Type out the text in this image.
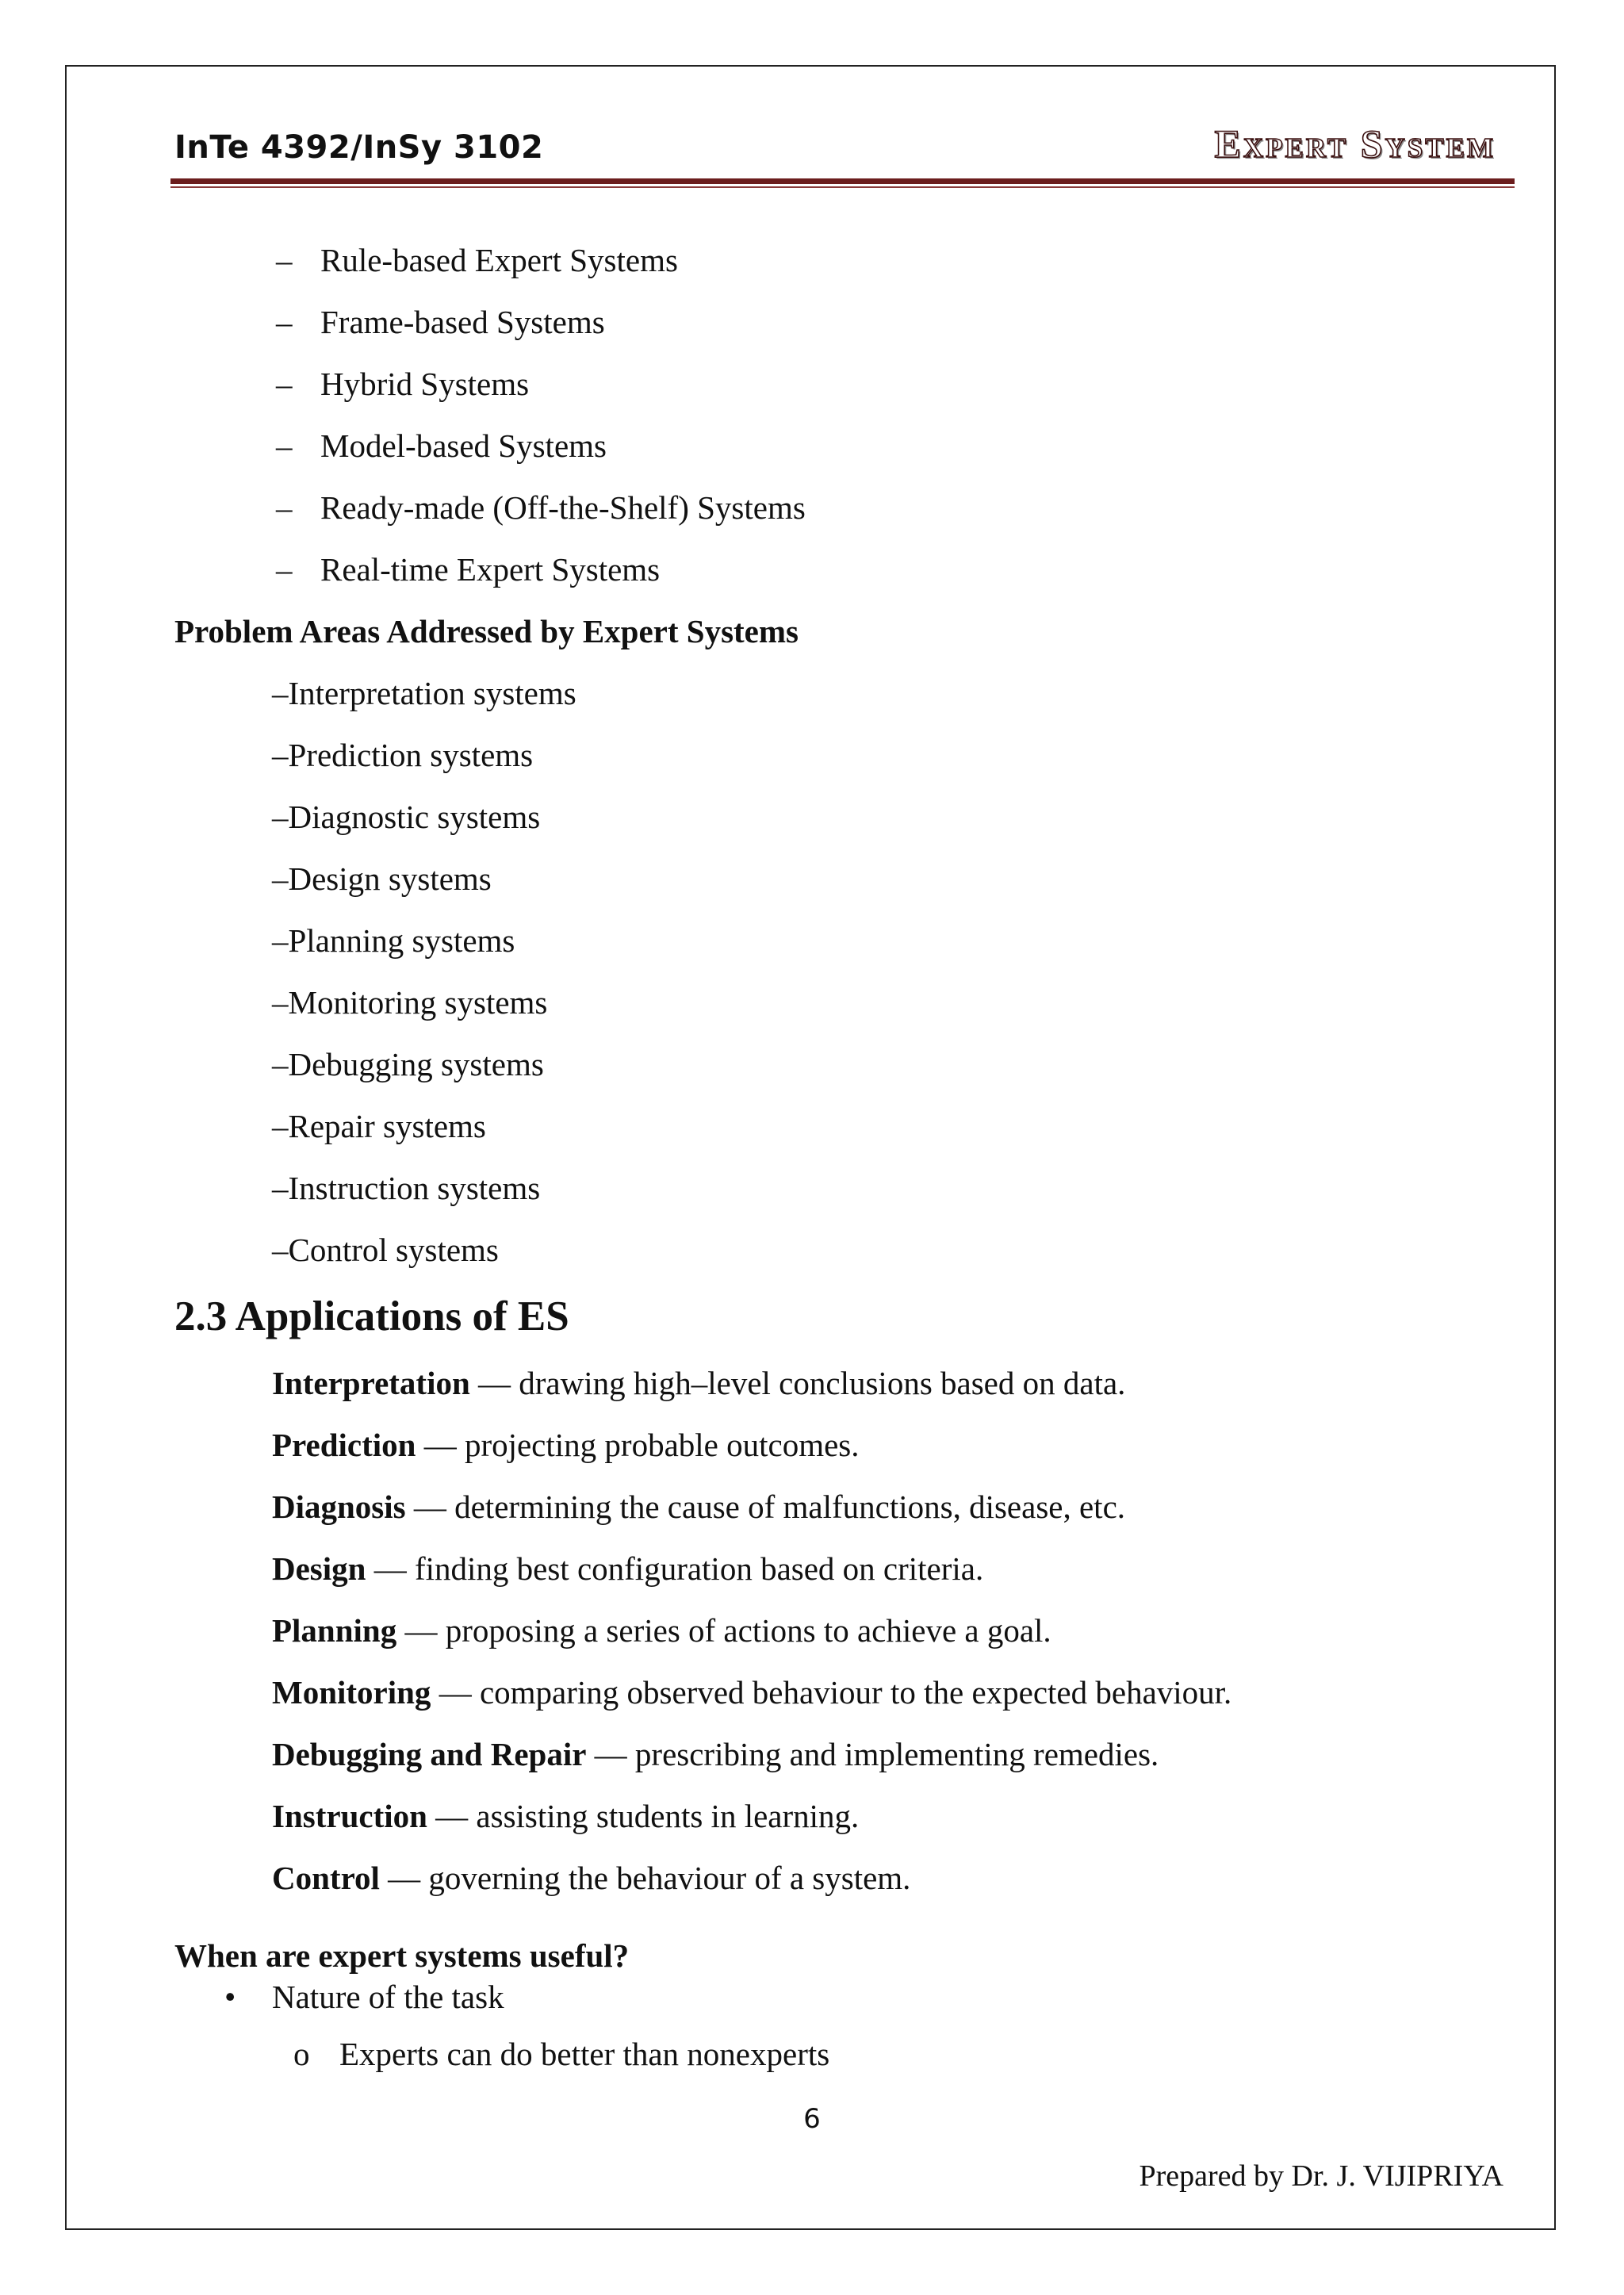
InTe 4392/InSy 3102	Expert System
– Rule-based Expert Systems
– Frame-based Systems
– Hybrid Systems
– Model-based Systems
– Ready-made (Off-the-Shelf) Systems
– Real-time Expert Systems
Problem Areas Addressed by Expert Systems
–Interpretation systems
–Prediction systems
–Diagnostic systems
–Design systems
–Planning systems
–Monitoring systems
–Debugging systems
–Repair systems
–Instruction systems
–Control systems
2.3 Applications of ES
Interpretation — drawing high–level conclusions based on data.
Prediction — projecting probable outcomes.
Diagnosis — determining the cause of malfunctions, disease, etc.
Design — finding best configuration based on criteria.
Planning — proposing a series of actions to achieve a goal.
Monitoring — comparing observed behaviour to the expected behaviour.
Debugging and Repair — prescribing and implementing remedies.
Instruction — assisting students in learning.
Control — governing the behaviour of a system.
When are expert systems useful?
• Nature of the task
o Experts can do better than nonexperts
6
Prepared by Dr. J. VIJIPRIYA
